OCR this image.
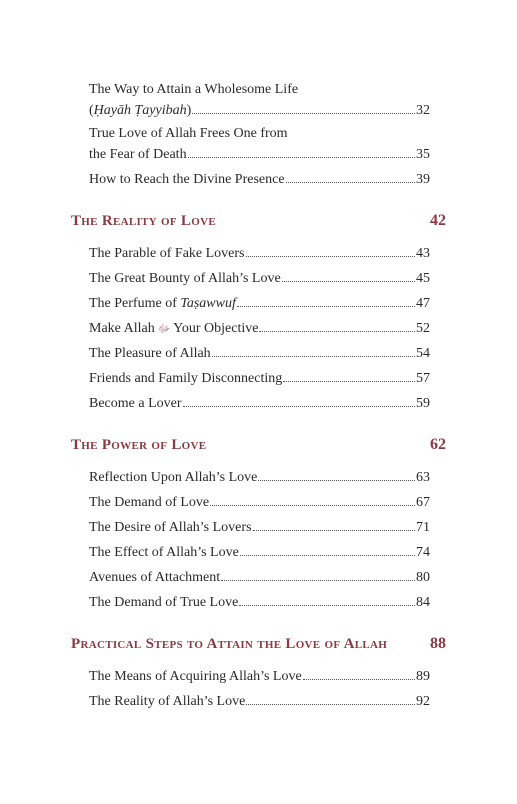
The Way to Attain a Wholesome Life
(Ḥayāh Ṭayyibah)	32
True Love of Allah Frees One from
the Fear of Death	35
How to Reach the Divine Presence	39
The Reality of Love	42
The Parable of Fake Lovers	43
The Great Bounty of Allah’s Love	45
The Perfume of Taṣawwuf	47
Make Allah ﷻ Your Objective	52
The Pleasure of Allah	54
Friends and Family Disconnecting	57
Become a Lover	59
The Power of Love	62
Reflection Upon Allah’s Love	63
The Demand of Love	67
The Desire of Allah’s Lovers	71
The Effect of Allah’s Love	74
Avenues of Attachment	80
The Demand of True Love	84
Practical Steps to Attain the Love of Allah	88
The Means of Acquiring Allah’s Love	89
The Reality of Allah’s Love	92
